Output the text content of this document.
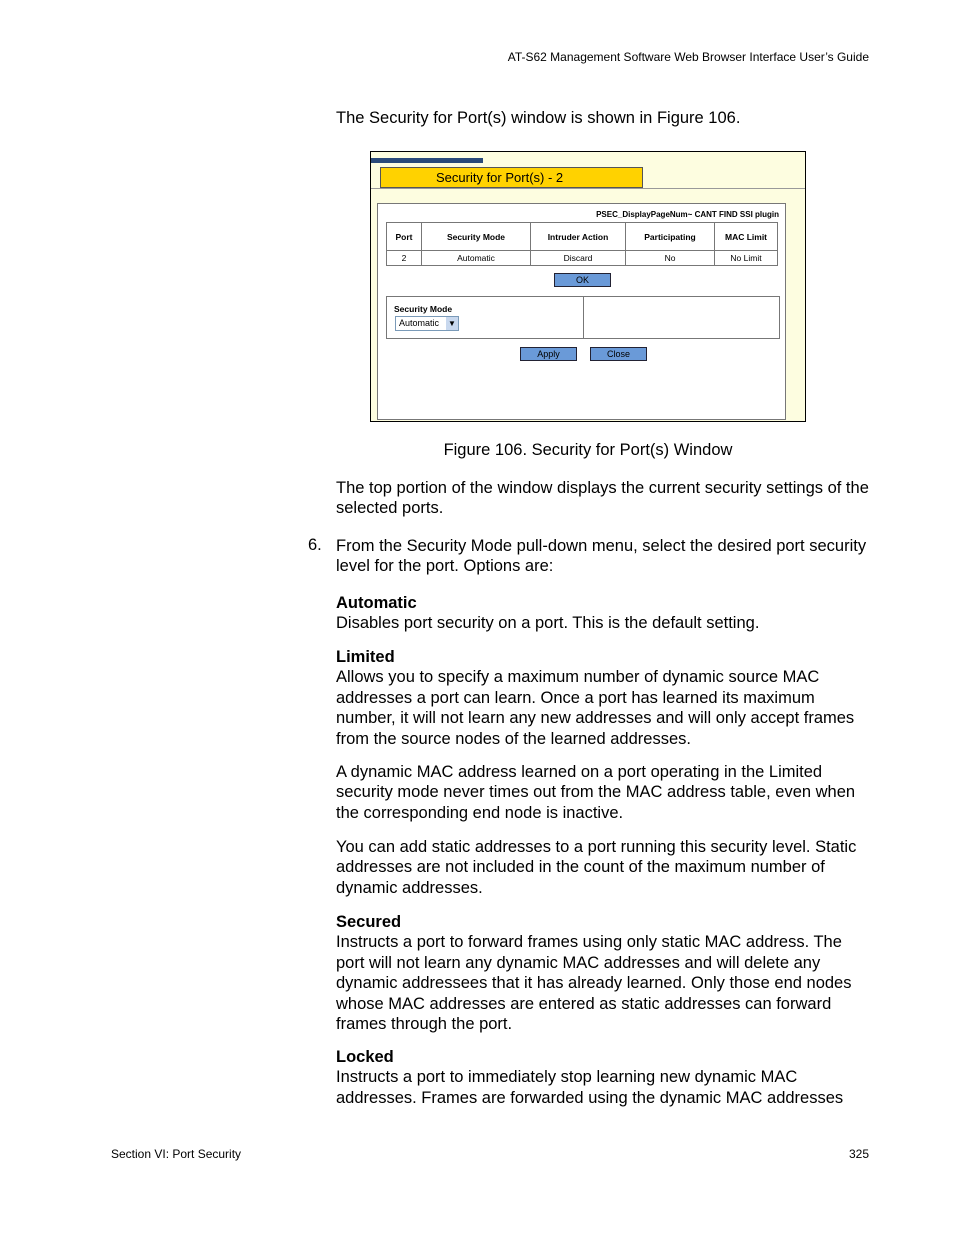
AT-S62 Management Software Web Browser Interface User’s Guide

The Security for Port(s) window is shown in Figure 106.

Security for Port(s) - 2
PSEC_DisplayPageNum~ CANT FIND SSI plugin
Port	Security Mode	Intruder Action	Participating	MAC Limit
2	Automatic	Discard	No	No Limit
OK
Security Mode
Automatic ▼
Apply	Close
Figure 106. Security for Port(s) Window

The top portion of the window displays the current security settings of the selected ports.

6. From the Security Mode pull-down menu, select the desired port security level for the port. Options are:

Automatic
Disables port security on a port. This is the default setting.

Limited
Allows you to specify a maximum number of dynamic source MAC addresses a port can learn. Once a port has learned its maximum number, it will not learn any new addresses and will only accept frames from the source nodes of the learned addresses.

A dynamic MAC address learned on a port operating in the Limited security mode never times out from the MAC address table, even when the corresponding end node is inactive.

You can add static addresses to a port running this security level. Static addresses are not included in the count of the maximum number of dynamic addresses.

Secured
Instructs a port to forward frames using only static MAC address. The port will not learn any dynamic MAC addresses and will delete any dynamic addressees that it has already learned. Only those end nodes whose MAC addresses are entered as static addresses can forward frames through the port.

Locked
Instructs a port to immediately stop learning new dynamic MAC addresses. Frames are forwarded using the dynamic MAC addresses

Section VI: Port Security	325
